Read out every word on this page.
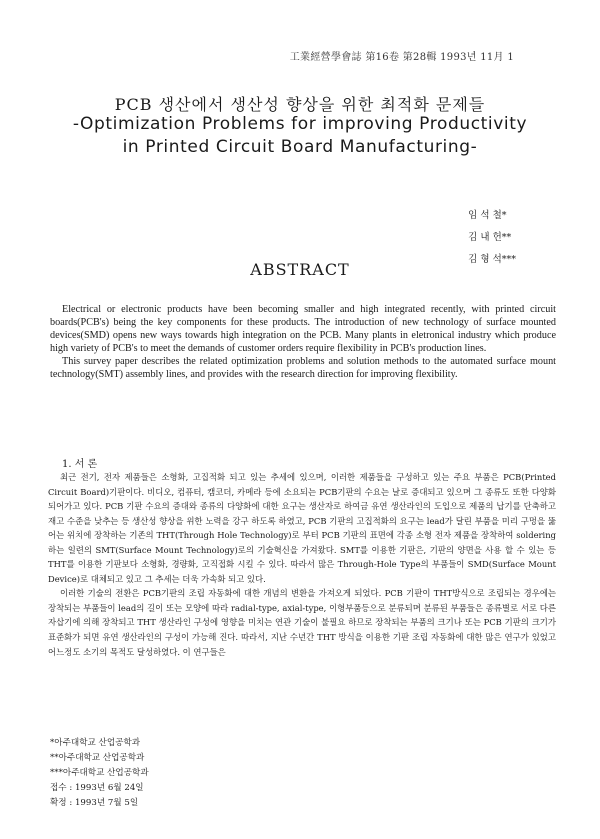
工業經營學會誌 第16卷 第28輯 1993년 11月 1
PCB 생산에서 생산성 향상을 위한 최적화 문제들
-Optimization Problems for improving Productivity
in Printed Circuit Board Manufacturing-
임 석 철*
김 내 헌**
김 형 석***
ABSTRACT

Electrical or electronic products have been becoming smaller and high integrated recently, with printed circuit boards(PCB's) being the key components for these products. The introduction of new technology of surface mounted devices(SMD) opens new ways towards high integration on the PCB. Many plants in eletronical industry which produce high variety of PCB's to meet the demands of customer orders require flexibility in PCB's production lines.

This survey paper describes the related optimization problems and solution methods to the automated surface mount technology(SMT) assembly lines, and provides with the research direction for improving flexibility.

1. 서 론

최근 전기, 전자 제품들은 소형화, 고집적화 되고 있는 추세에 있으며, 이러한 제품들을 구성하고 있는 주요 부품은 PCB(Printed Circuit Board)기판이다. 비디오, 컴퓨터, 캠코더, 카메라 등에 소요되는 PCB기판의 수요는 날로 증대되고 있으며 그 종류도 또한 다양화 되어가고 있다. PCB 기판 수요의 증대와 종류의 다양화에 대한 요구는 생산자로 하여금 유연 생산라인의 도입으로 제품의 납기를 단축하고 재고 수준을 낮추는 등 생산성 향상을 위한 노력을 강구 하도록 하였고, PCB 기판의 고집적화의 요구는 lead가 달린 부품을 미리 구멍을 뚫어는 위치에 장착하는 기존의 THT(Through Hole Technology)로 부터 PCB 기판의 표면에 각종 소형 전자 제품을 장착하여 soldering하는 일련의 SMT(Surface Mount Technology)로의 기술혁신을 가져왔다. SMT를 이용한 기판은, 기판의 양면을 사용 할 수 있는 등 THT를 이용한 기판보다 소형화, 경량화, 고직접화 시킬 수 있다. 따라서 많은 Through-Hole Type의 부품들이 SMD(Surface Mount Device)로 대체되고 있고 그 추세는 더욱 가속화 되고 있다.

이러한 기술의 전환은 PCB기판의 조립 자동화에 대한 개념의 변환을 가져오게 되었다. PCB 기판이 THT방식으로 조립되는 경우에는 장착되는 부품들이 lead의 길이 또는 모양에 따라 radial-type, axial-type, 이형부품등으로 분류되며 분류된 부품들은 종류별로 서로 다른 자삽기에 의해 장착되고 THT 생산라인 구성에 영향을 미치는 연관 기술이 불필요 하므로 장착되는 부품의 크기나 또는 PCB 기판의 크기가 표준화가 되면 유연 생산라인의 구성이 가능해 진다. 따라서, 지난 수년간 THT 방식을 이용한 기판 조립 자동화에 대한 많은 연구가 있었고 어느정도 소기의 목적도 달성하였다. 이 연구들은

*아주대학교 산업공학과
**아주대학교 산업공학과
***아주대학교 산업공학과
접수 : 1993년 6월 24일
확정 : 1993년 7월 5일
